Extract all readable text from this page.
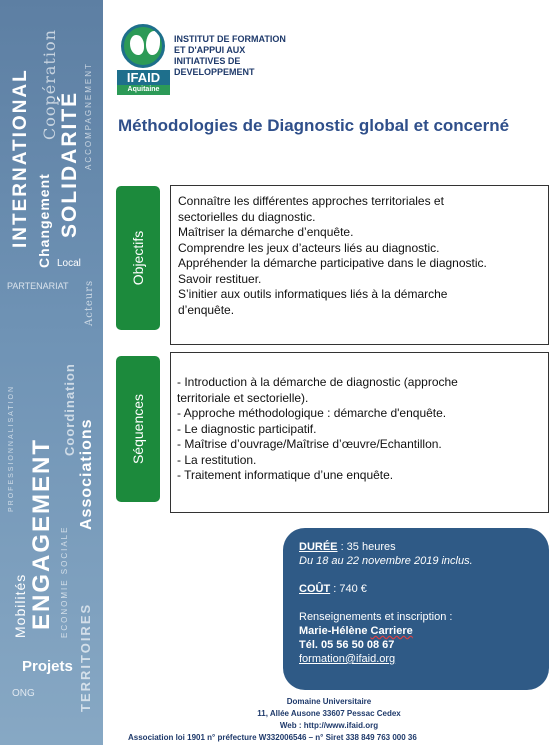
INTERNATIONAL Coopération	ACCOMPAGNEMENT
SOLIDARITÉ
Changement Local
Acteurs
PARTENARIAT
PROFESSIONNALISATION ENGAGEMENT
Coordination
Associations
ECONOMIE SOCIALE
Mobilités	TERRITOIRES
Projets
ONG
IFAID
Aquitaine
INSTITUT DE FORMATION
ET D'APPUI AUX
INITIATIVES DE
DEVELOPPEMENT
Méthodologies de Diagnostic global et concerné
Objectifs

Connaître les différentes approches territoriales et

sectorielles du diagnostic.

Maîtriser la démarche d’enquête.

Comprendre les jeux d’acteurs liés au diagnostic.

Appréhender la démarche participative dans le diagnostic.

Savoir restituer.

S’initier aux outils informatiques liés à la démarche

d’enquête.

Séquences

- Introduction à la démarche de diagnostic (approche

territoriale et sectorielle).

- Approche méthodologique : démarche d'enquête.

- Le diagnostic participatif.

- Maîtrise d’ouvrage/Maîtrise d’œuvre/Echantillon.

- La restitution.

- Traitement informatique d’une enquête.

DURÉE : 35 heures
Du 18 au 22 novembre 2019 inclus.
COÛT : 740 €
Renseignements et inscription :
Marie-Hélène Carriere
Tél. 05 56 50 08 67
formation@ifaid.org
Domaine Universitaire
11, Allée Ausone 33607 Pessac Cedex
Web : http://www.ifaid.org
Association loi 1901 n° préfecture W332006546 – n° Siret 338 849 763 000 36
